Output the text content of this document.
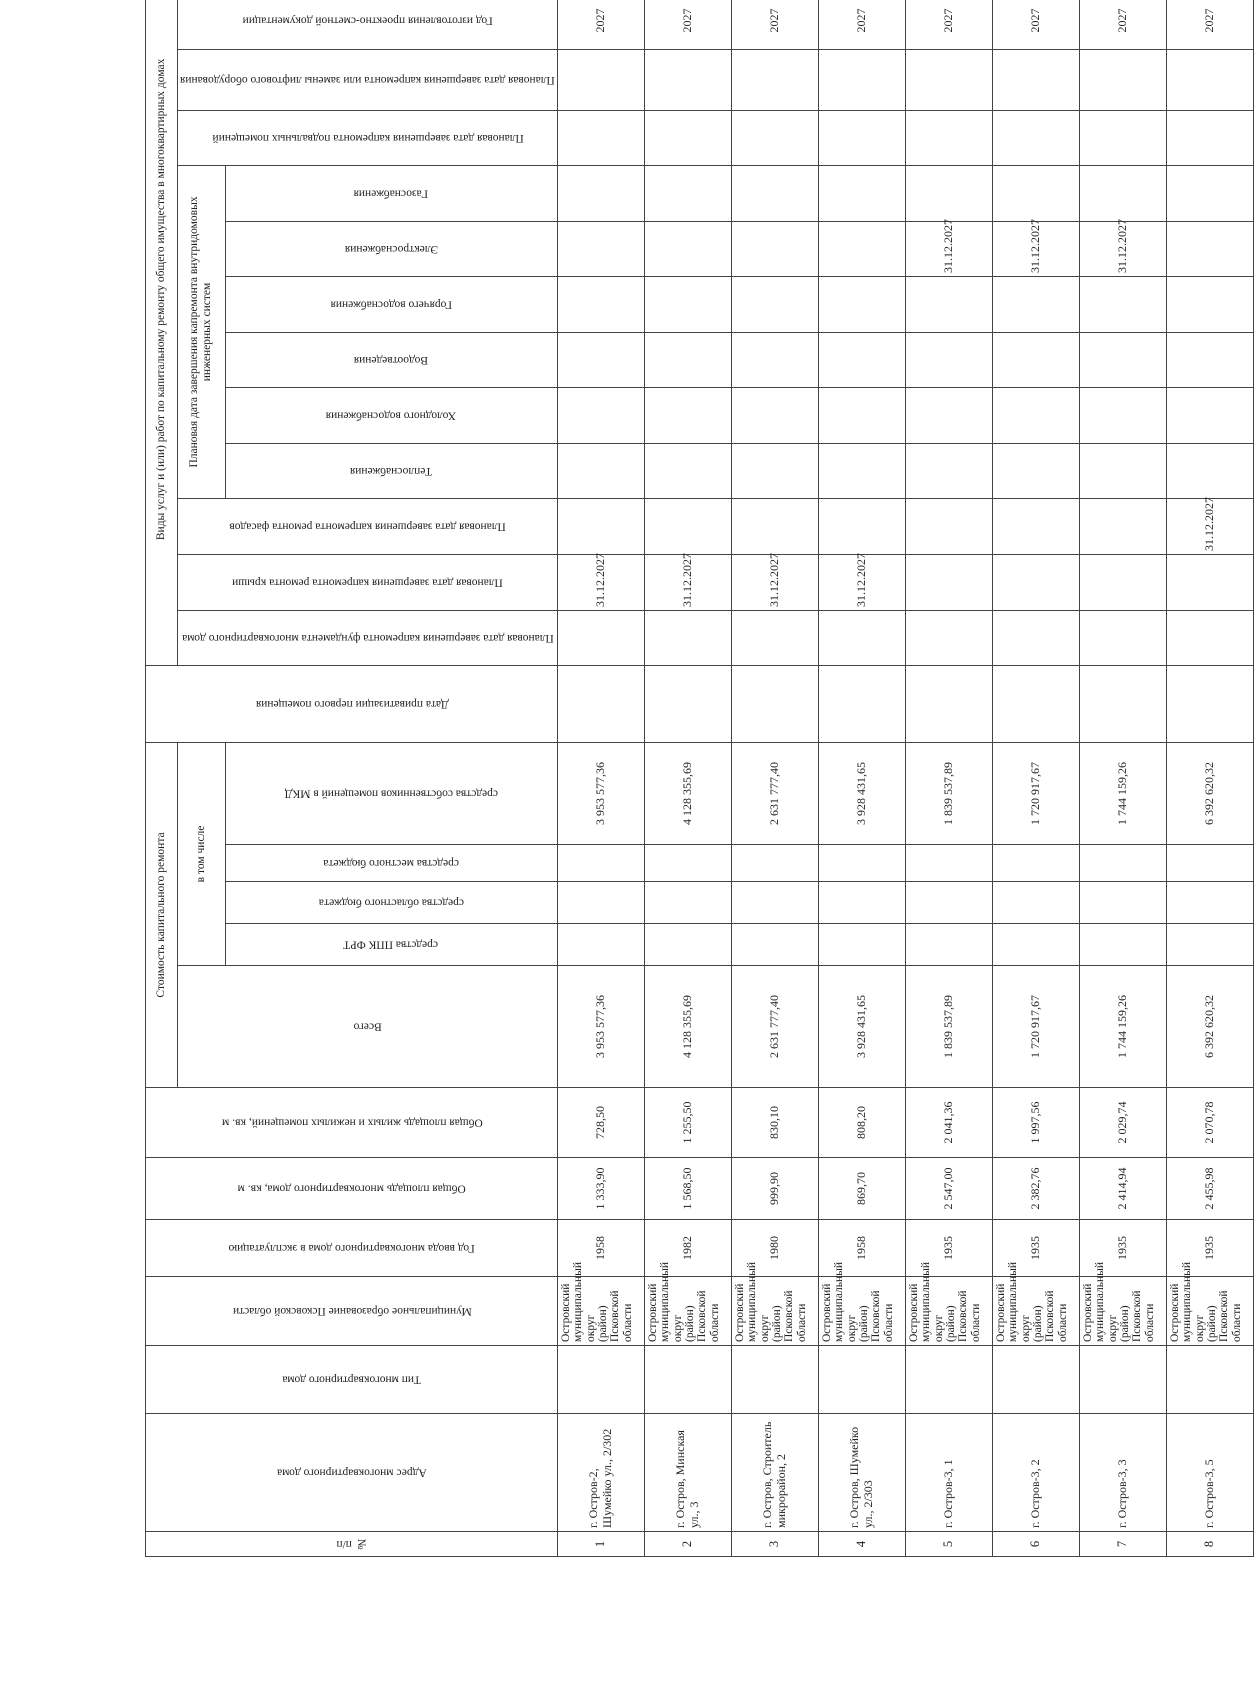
№ п/п	Адрес многоквартирного дома	Тип многоквартирного дома	Муниципальное образование Псковской области	Год ввода многоквартирного дома в эксплуатацию	Общая площадь многоквартирного дома, кв. м	Общая площадь жилых и нежилых помещений, кв. м	Стоимость капитального ремонта					Дата приватизации первого помещения	Виды услуг и (или) работ по капитальному ремонту общего имущества в многоквартирных домах												
							Всего	в том числе					Плановая дата завершения капремонта фундамента многоквартирного дома	Плановая дата завершения капремонта ремонта крыши	Плановая дата завершения капремонта ремонта фасадов	Плановая дата завершения капремонта внутридомовых инженерных систем						Плановая дата завершения капремонта подвальных помещений	Плановая дата завершения капремонта или замены лифтового оборудования	Год изготовления проектно-сметной документации	
								средства ППК ФРТ	средства областного бюджета	средства местного бюджета	средства собственников помещений в МКД					Теплоснабжения	Холодного водоснабжения	Водоотведения	Горячего водоснабжения	Электроснабжения	Газоснабжения				
1	г. Остров-2, Шумейко ул., 2/302		Островский муниципальный округ (район) Псковской области	1958	1 333,90	728,50	3 953 577,36				3 953 577,36			31.12.2027										2027	
2	г. Остров, Минская ул., 3		Островский муниципальный округ (район) Псковской области	1982	1 568,50	1 255,50	4 128 355,69				4 128 355,69			31.12.2027										2027	
3	г. Остров, Строитель микрорайон, 2		Островский муниципальный округ (район) Псковской области	1980	999,90	830,10	2 631 777,40				2 631 777,40			31.12.2027										2027	
4	г. Остров, Шумейко ул., 2/303		Островский муниципальный округ (район) Псковской области	1958	869,70	808,20	3 928 431,65				3 928 431,65			31.12.2027										2027	
5	г. Остров-3, 1		Островский муниципальный округ (район) Псковской области	1935	2 547,00	2 041,36	1 839 537,89				1 839 537,89									31.12.2027				2027	
6	г. Остров-3, 2		Островский муниципальный округ (район) Псковской области	1935	2 382,76	1 997,56	1 720 917,67				1 720 917,67									31.12.2027				2027	
7	г. Остров-3, 3		Островский муниципальный округ (район) Псковской области	1935	2 414,94	2 029,74	1 744 159,26				1 744 159,26									31.12.2027				2027	
8	г. Остров-3, 5		Островский муниципальный округ (район) Псковской области	1935	2 455,98	2 070,78	6 392 620,32				6 392 620,32				31.12.2027									2027	
